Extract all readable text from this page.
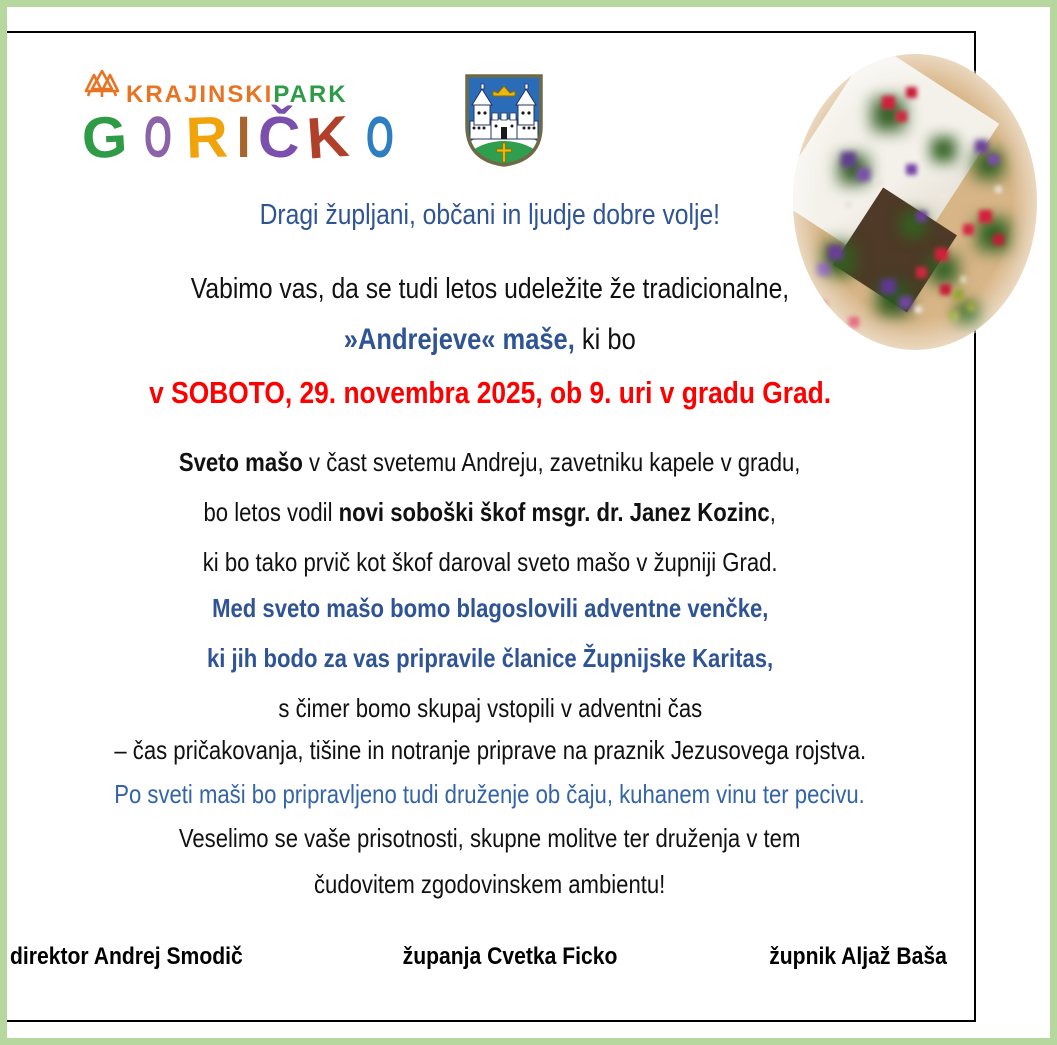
KRAJINSKIPARK
G O RIČK O

Dragi župljani, občani in ljudje dobre volje!

Vabimo vas, da se tudi letos udeležite že tradicionalne,

»Andrejeve« maše, ki bo

v SOBOTO, 29. novembra 2025, ob 9. uri v gradu Grad.

Sveto mašo v čast svetemu Andreju, zavetniku kapele v gradu,

bo letos vodil novi soboški škof msgr. dr. Janez Kozinc,

ki bo tako prvič kot škof daroval sveto mašo v župniji Grad.

Med sveto mašo bomo blagoslovili adventne venčke,

ki jih bodo za vas pripravile članice Župnijske Karitas,

s čimer bomo skupaj vstopili v adventni čas

– čas pričakovanja, tišine in notranje priprave na praznik Jezusovega rojstva.

Po sveti maši bo pripravljeno tudi druženje ob čaju, kuhanem vinu ter pecivu.

Veselimo se vaše prisotnosti, skupne molitve ter druženja v tem

čudovitem zgodovinskem ambientu!

direktor Andrej Smodič	županja Cvetka Ficko	župnik Aljaž Baša
